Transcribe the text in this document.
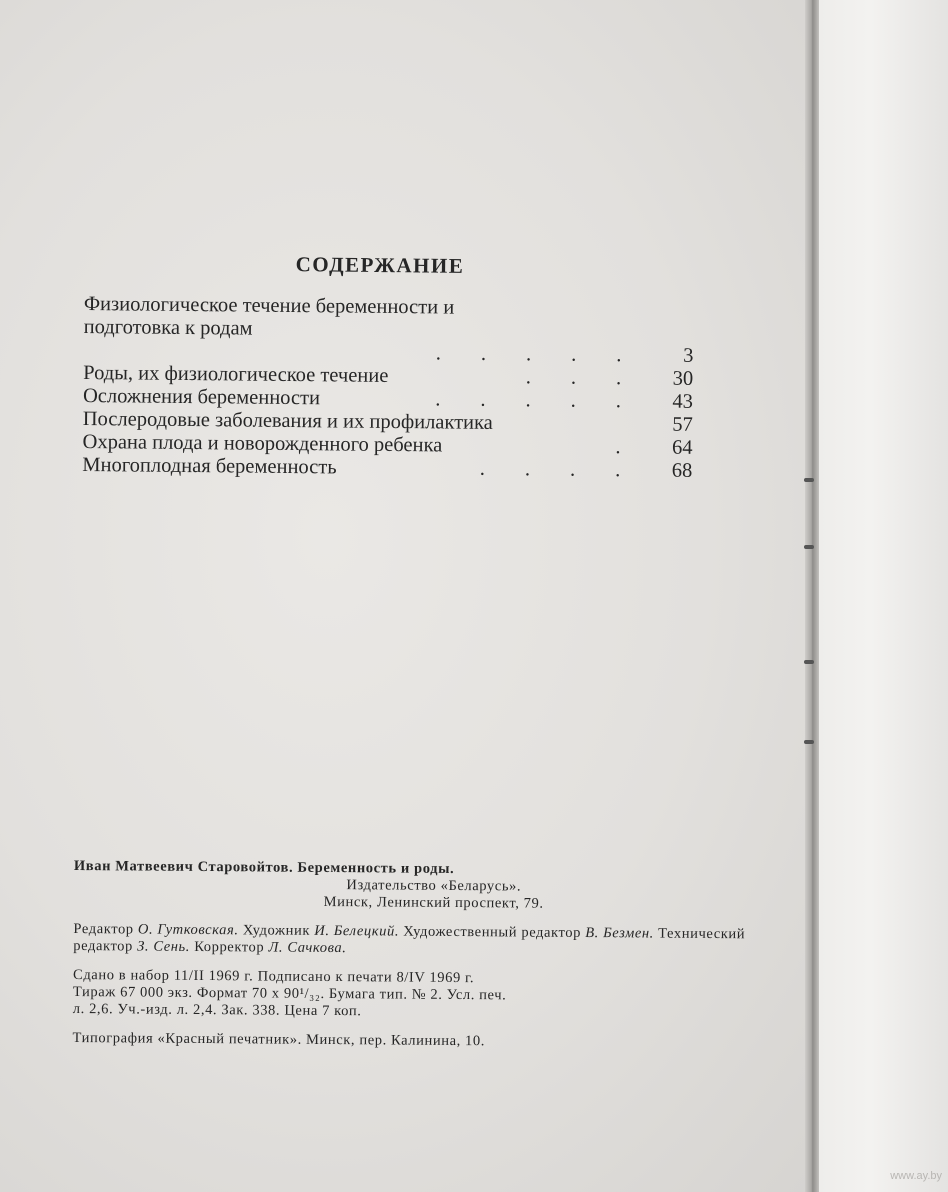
СОДЕРЖАНИЕ
Физиологическое течение беременности и
подготовка к родам
.....	3
Роды, их физиологическое течение	... 30
Осложнения беременности	..... 43
Послеродовые заболевания и их профилактика	57
Охрана плода и новорожденного ребенка	. 64
Многоплодная беременность	.... 68
Иван Матвеевич Старовойтов. Беременность и роды.
Издательство «Беларусь».
Минск, Ленинский проспект, 79.
Редактор О. Гутковская. Художник И. Белецкий. Художественный редактор В. Безмен. Технический редактор З. Сень. Корректор Л. Сачкова.
Сдано в набор 11/II 1969 г. Подписано к печати 8/IV 1969 г.
Тираж 67 000 экз. Формат 70 x 90¹/₃₂. Бумага тип. № 2. Усл. печ.
л. 2,6. Уч.-изд. л. 2,4. Зак. 338. Цена 7 коп.
Типография «Красный печатник». Минск, пер. Калинина, 10.
www.ay.by
